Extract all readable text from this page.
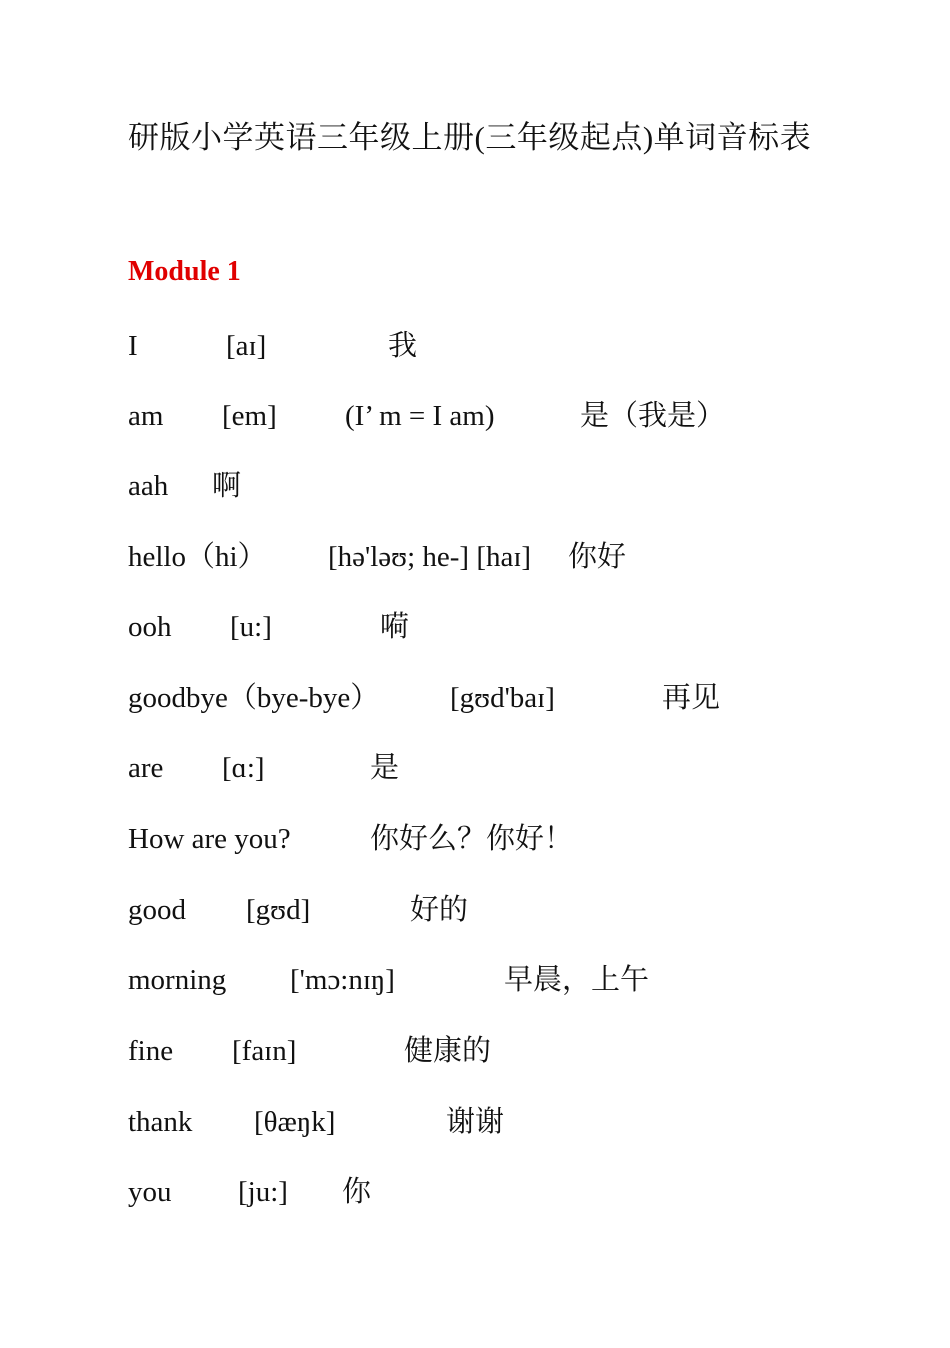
研版小学英语三年级上册(三年级起点)单词音标表
Module 1
I	[aɪ]	我
am [em] (I’ m = I am)	是（我是）
aah 啊
hello（hi） [hə'ləʊ; he-] [haɪ] 你好
ooh [u:]	嗬
goodbye（bye-bye） [gʊd'baɪ]	再见
are [ɑ:]	是
How are you?	你好么？你好！
good [gʊd]	好的
morning ['mɔ:nɪŋ]	早晨，上午
fine [faɪn]	健康的
thank [θæŋk]	谢谢
you [ju:] 你
